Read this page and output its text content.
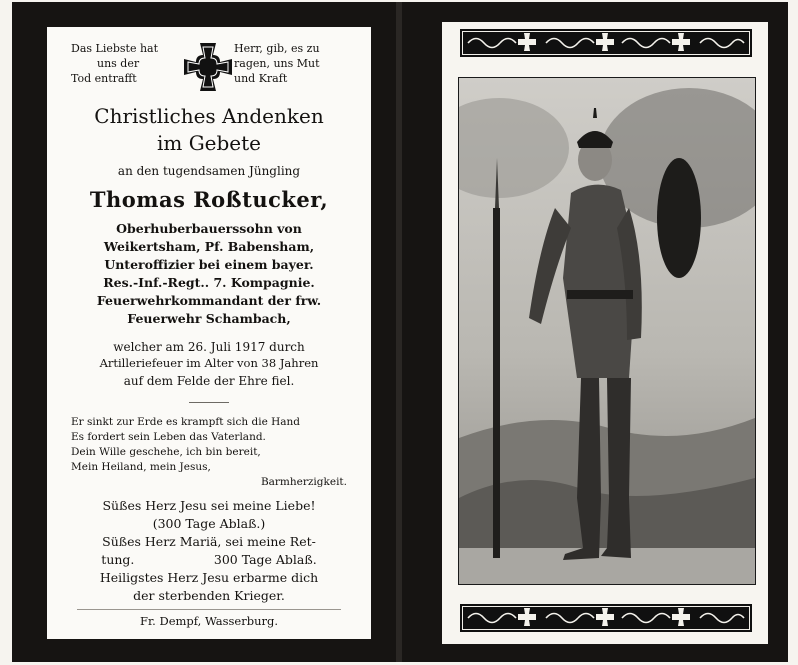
Das Liebste hat
uns der
Tod entrafft
Herr, gib, es zu
ragen, uns Mut
und Kraft
Christliches Andenken
im Gebete
an den tugendsamen Jüngling
Thomas Roßtucker,
Oberhuberbauerssohn von
Weikertsham, Pf. Babensham,
Unteroffizier bei einem bayer.
Res.-Inf.-Regt.. 7. Kompagnie.
Feuerwehrkommandant der frw.
Feuerwehr Schambach,
welcher am 26. Juli 1917 durch
Artilleriefeuer im Alter von 38 Jahren
auf dem Felde der Ehre fiel.
Er sinkt zur Erde es krampft sich die Hand
Es fordert sein Leben das Vaterland.
Dein Wille geschehe, ich bin bereit,
Mein Heiland, mein Jesus,
Barmherzigkeit.
Süßes Herz Jesu sei meine Liebe!
(300 Tage Ablaß.)
Süßes Herz Mariä, sei meine Ret-
tung.                    300 Tage Ablaß.
Heiligstes Herz Jesu erbarme dich
der sterbenden Krieger.
Fr. Dempf, Wasserburg.
